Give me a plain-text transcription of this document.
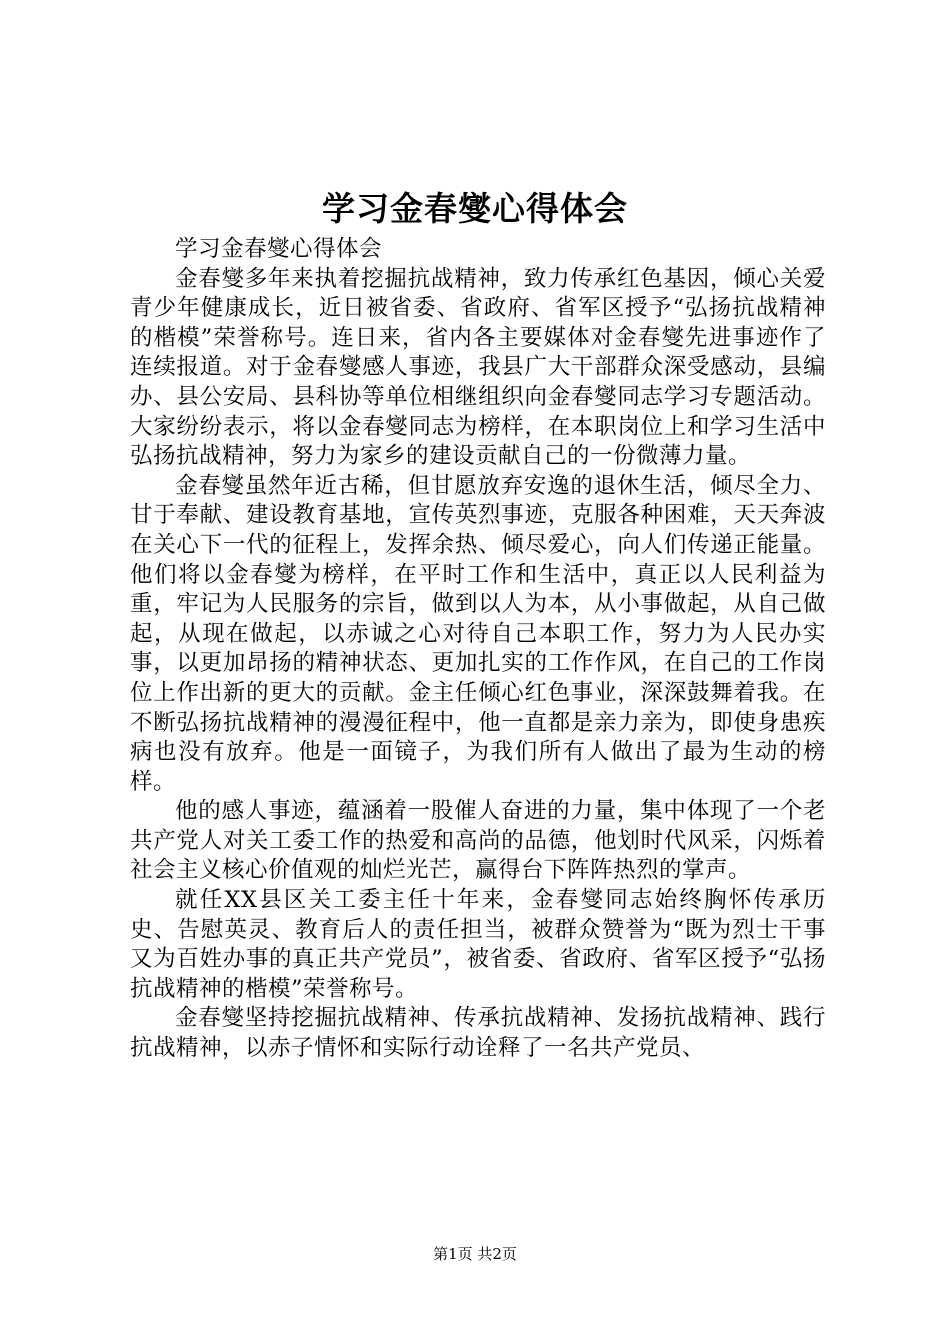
学习金春燮心得体会

学习金春燮心得体会

金春燮多年来执着挖掘抗战精神，致力传承红色基因，倾心关爱青少年健康成长，近日被省委、省政府、省军区授予“弘扬抗战精神的楷模”荣誉称号。连日来，省内各主要媒体对金春燮先进事迹作了连续报道。对于金春燮感人事迹，我县广大干部群众深受感动，县编办、县公安局、县科协等单位相继组织向金春燮同志学习专题活动。大家纷纷表示，将以金春燮同志为榜样，在本职岗位上和学习生活中弘扬抗战精神，努力为家乡的建设贡献自己的一份微薄力量。

金春燮虽然年近古稀，但甘愿放弃安逸的退休生活，倾尽全力、甘于奉献、建设教育基地，宣传英烈事迹，克服各种困难，天天奔波在关心下一代的征程上，发挥余热、倾尽爱心，向人们传递正能量。他们将以金春燮为榜样，在平时工作和生活中，真正以人民利益为重，牢记为人民服务的宗旨，做到以人为本，从小事做起，从自己做起，从现在做起，以赤诚之心对待自己本职工作，努力为人民办实事，以更加昂扬的精神状态、更加扎实的工作作风，在自己的工作岗位上作出新的更大的贡献。金主任倾心红色事业，深深鼓舞着我。在不断弘扬抗战精神的漫漫征程中，他一直都是亲力亲为，即使身患疾病也没有放弃。他是一面镜子，为我们所有人做出了最为生动的榜样。

他的感人事迹，蕴涵着一股催人奋进的力量，集中体现了一个老共产党人对关工委工作的热爱和高尚的品德，他划时代风采，闪烁着社会主义核心价值观的灿烂光芒，赢得台下阵阵热烈的掌声。

就任XX县区关工委主任十年来，金春燮同志始终胸怀传承历史、告慰英灵、教育后人的责任担当，被群众赞誉为“既为烈士干事又为百姓办事的真正共产党员”，被省委、省政府、省军区授予“弘扬抗战精神的楷模”荣誉称号。

金春燮坚持挖掘抗战精神、传承抗战精神、发扬抗战精神、践行抗战精神，以赤子情怀和实际行动诠释了一名共产党员、

第1页 共2页
